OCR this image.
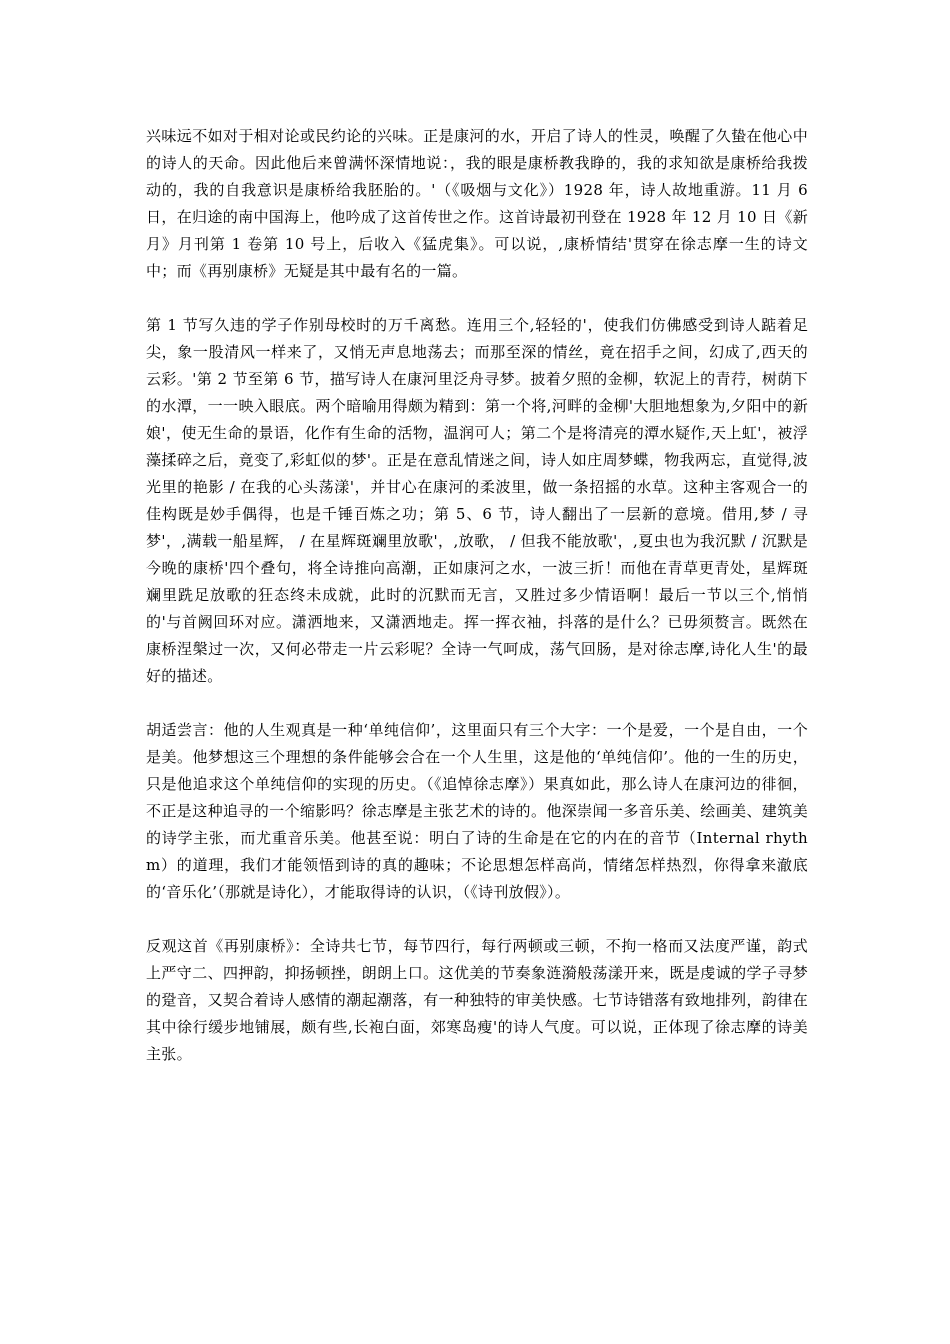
兴味远不如对于相对论或民约论的兴味。正是康河的水，开启了诗人的性灵，唤醒了久蛰在他心中的诗人的天命。因此他后来曾满怀深情地说：，我的眼是康桥教我睁的，我的求知欲是康桥给我拨动的，我的自我意识是康桥给我胚胎的。'（《吸烟与文化》）1928 年，诗人故地重游。11 月 6 日，在归途的南中国海上，他吟成了这首传世之作。这首诗最初刊登在 1928 年 12 月 10 日《新月》月刊第 1 卷第 10 号上，后收入《猛虎集》。可以说，,康桥情结'贯穿在徐志摩一生的诗文中；而《再别康桥》无疑是其中最有名的一篇。

第 1 节写久违的学子作别母校时的万千离愁。连用三个,轻轻的'，使我们仿佛感受到诗人踮着足尖，象一股清风一样来了，又悄无声息地荡去；而那至深的情丝，竟在招手之间，幻成了,西天的云彩。'第 2 节至第 6 节，描写诗人在康河里泛舟寻梦。披着夕照的金柳，软泥上的青荇，树荫下的水潭，一一映入眼底。两个暗喻用得颇为精到：第一个将,河畔的金柳'大胆地想象为,夕阳中的新娘'，使无生命的景语，化作有生命的活物，温润可人；第二个是将清亮的潭水疑作,天上虹'，被浮藻揉碎之后，竟变了,彩虹似的梦'。正是在意乱情迷之间，诗人如庄周梦蝶，物我两忘，直觉得,波光里的艳影 / 在我的心头荡漾'，并甘心在康河的柔波里，做一条招摇的水草。这种主客观合一的佳构既是妙手偶得，也是千锤百炼之功；第 5、6 节，诗人翻出了一层新的意境。借用,梦 / 寻梦'，,满载一船星辉， / 在星辉斑斓里放歌'，,放歌， / 但我不能放歌'，,夏虫也为我沉默 / 沉默是今晚的康桥'四个叠句，将全诗推向高潮，正如康河之水，一波三折！而他在青草更青处，星辉斑斓里跣足放歌的狂态终未成就，此时的沉默而无言，又胜过多少情语啊！最后一节以三个,悄悄的'与首阙回环对应。潇洒地来，又潇洒地走。挥一挥衣袖，抖落的是什么？已毋须赘言。既然在康桥涅槃过一次，又何必带走一片云彩呢？全诗一气呵成，荡气回肠，是对徐志摩,诗化人生'的最好的描述。

胡适尝言：他的人生观真是一种‘单纯信仰’，这里面只有三个大字：一个是爱，一个是自由，一个是美。他梦想这三个理想的条件能够会合在一个人生里，这是他的‘单纯信仰’。他的一生的历史，只是他追求这个单纯信仰的实现的历史。（《追悼徐志摩》）果真如此，那么诗人在康河边的徘徊，不正是这种追寻的一个缩影吗？徐志摩是主张艺术的诗的。他深崇闻一多音乐美、绘画美、建筑美的诗学主张，而尤重音乐美。他甚至说：明白了诗的生命是在它的内在的音节（Internal rhythm）的道理，我们才能领悟到诗的真的趣味；不论思想怎样高尚，情绪怎样热烈，你得拿来澈底的‘音乐化’（那就是诗化），才能取得诗的认识，（《诗刊放假》）。

反观这首《再别康桥》：全诗共七节，每节四行，每行两顿或三顿，不拘一格而又法度严谨，韵式上严守二、四押韵，抑扬顿挫，朗朗上口。这优美的节奏象涟漪般荡漾开来，既是虔诚的学子寻梦的跫音，又契合着诗人感情的潮起潮落，有一种独特的审美快感。七节诗错落有致地排列，韵律在其中徐行缓步地铺展，颇有些,长袍白面，郊寒岛瘦'的诗人气度。可以说，正体现了徐志摩的诗美主张。
